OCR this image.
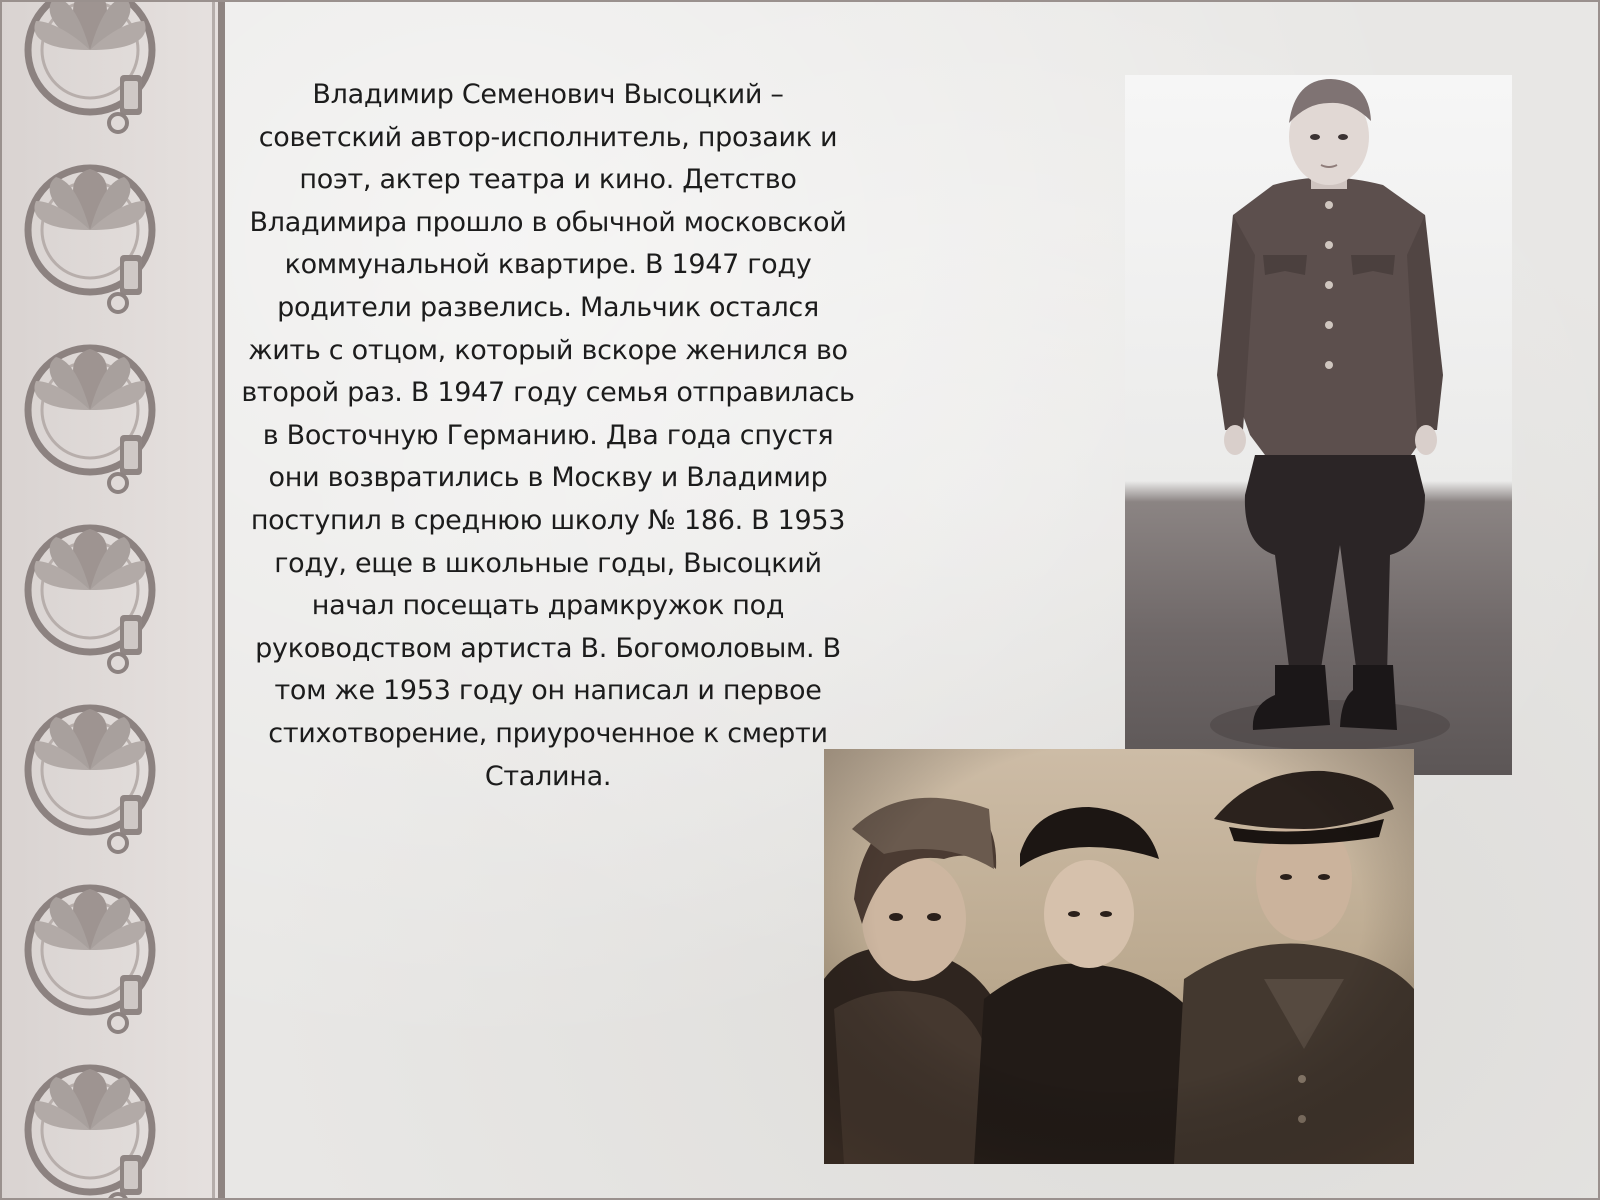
Владимир Семенович Высоцкий – советский автор-исполнитель, прозаик и поэт, актер театра и кино. Детство Владимира прошло в обычной московской коммунальной квартире. В 1947 году родители развелись. Мальчик остался жить с отцом, который вскоре женился во второй раз. В 1947 году семья отправилась в Восточную Германию. Два года спустя они возвратились в Москву и Владимир поступил в среднюю школу № 186. В 1953 году, еще в школьные годы, Высоцкий начал посещать драмкружок под руководством артиста В. Богомоловым. В том же 1953 году он написал и первое стихотворение, приуроченное к смерти Сталина.
